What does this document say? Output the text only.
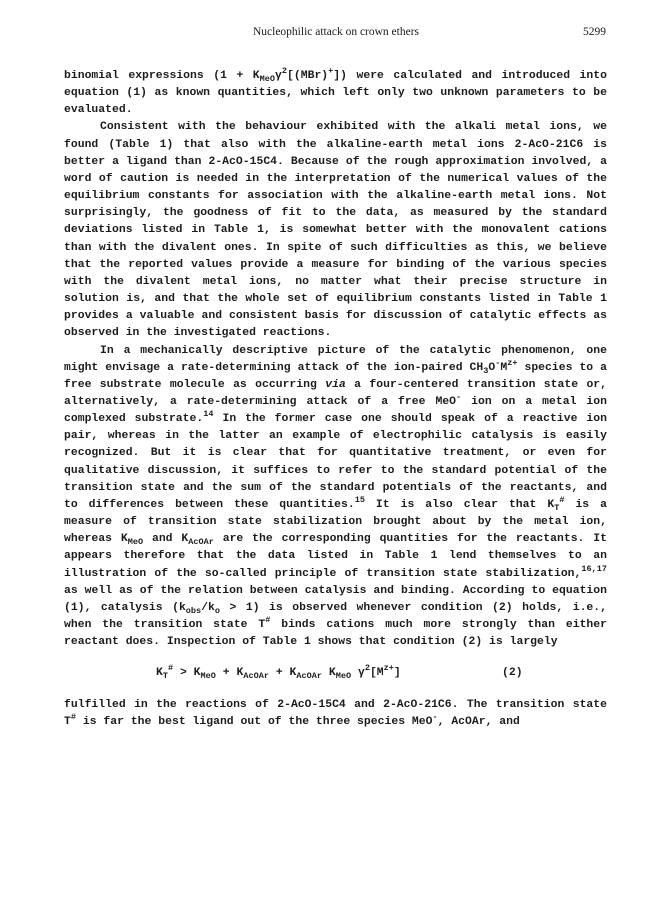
Nucleophilic attack on crown ethers	5299

binomial expressions $(1 + K_{MeO}\gamma^2[(MBr)^+])$ were calculated and introduced into equation (1) as known quantities, which left only two unknown parameters to be evaluated.

Consistent with the behaviour exhibited with the alkali metal ions, we found (Table 1) that also with the alkaline-earth metal ions 2-AcO-21C6 is better a ligand than 2-AcO-15C4. Because of the rough approximation involved, a word of caution is needed in the interpretation of the numerical values of the equilibrium constants for association with the alkaline-earth metal ions. Not surprisingly, the goodness of fit to the data, as measured by the standard deviations listed in Table 1, is somewhat better with the monovalent cations than with the divalent ones. In spite of such difficulties as this, we believe that the reported values provide a measure for binding of the various species with the divalent metal ions, no matter what their precise structure in solution is, and that the whole set of equilibrium constants listed in Table 1 provides a valuable and consistent basis for discussion of catalytic effects as observed in the investigated reactions.

In a mechanically descriptive picture of the catalytic phenomenon, one might envisage a rate-determining attack of the ion-paired $CH_3O^-M^{z+}$ species to a free substrate molecule as occurring via a four-centered transition state or, alternatively, a rate-determining attack of a free MeO- ion on a metal ion complexed substrate.$^{14}$ In the former case one should speak of a reactive ion pair, whereas in the latter an example of electrophilic catalysis is easily recognized. But it is clear that for quantitative treatment, or even for qualitative discussion, it suffices to refer to the standard potential of the transition state and the sum of the standard potentials of the reactants, and to differences between these quantities.$^{15}$ It is also clear that $K_T^{\#}$ is a measure of transition state stabilization brought about by the metal ion, whereas $K_{MeO}$ and $K_{AcOAr}$ are the corresponding quantities for the reactants. It appears therefore that the data listed in Table 1 lend themselves to an illustration of the so-called principle of transition state stabilization,$^{16,17}$ as well as of the relation between catalysis and binding. According to equation (1), catalysis $(k_{obs}/k_o > 1)$ is observed whenever condition (2) holds, i.e., when the transition state T# binds cations much more strongly than either reactant does. Inspection of Table 1 shows that condition (2) is largely

$K_T^{\#} > K_{MeO} + K_{AcOAr} + K_{AcOAr}$ $K_{MeO}$ $\gamma^2[M^{z+}]$	(2)

fulfilled in the reactions of 2-AcO-15C4 and 2-AcO-21C6. The transition state T# is far the best ligand out of the three species MeO-, AcOAr, and
